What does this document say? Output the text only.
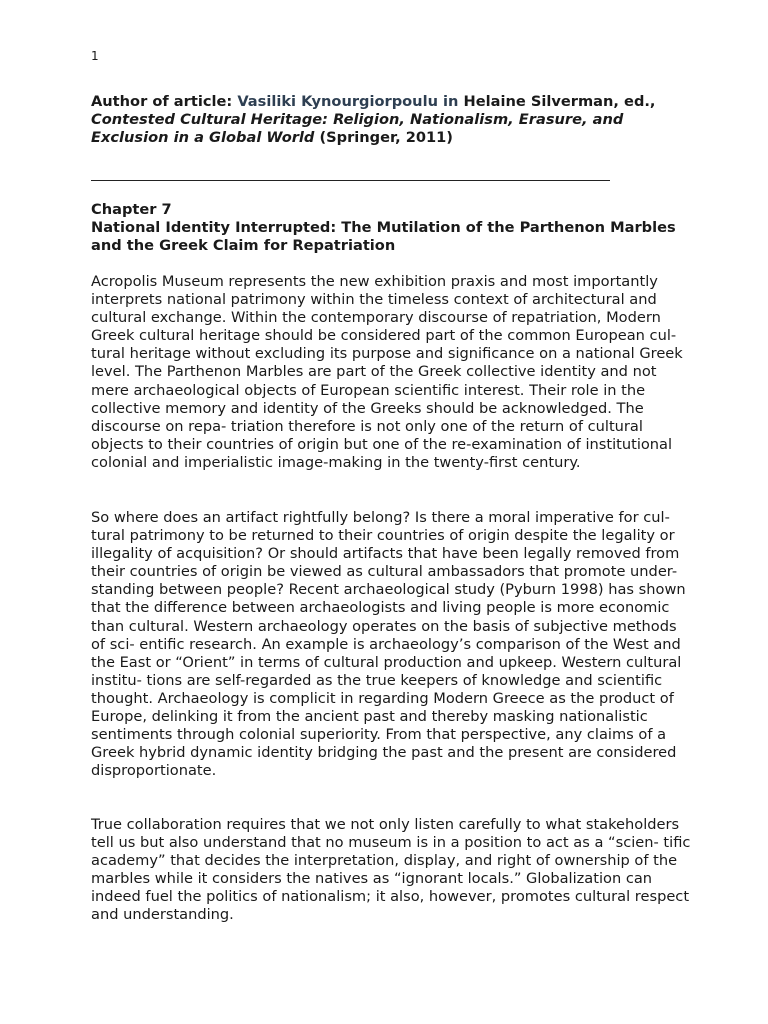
1
Author of article: Vasiliki Kynourgiorpoulu in Helaine Silverman, ed.,
Contested Cultural Heritage: Religion, Nationalism, Erasure, and Exclusion in a Global World (Springer, 2011)
Chapter 7
National Identity Interrupted: The Mutilation of the Parthenon Marbles and the Greek Claim for Repatriation

Acropolis Museum represents the new exhibition praxis and most importantly interprets national patrimony within the timeless context of architectural and cultural exchange. Within the contemporary discourse of repatriation, Modern Greek cultural heritage should be considered part of the common European cul- tural heritage without excluding its purpose and significance on a national Greek level. The Parthenon Marbles are part of the Greek collective identity and not mere archaeological objects of European scientific interest. Their role in the collective memory and identity of the Greeks should be acknowledged. The discourse on repa- triation therefore is not only one of the return of cultural objects to their countries of origin but one of the re-examination of institutional colonial and imperialistic image-making in the twenty-first century.

So where does an artifact rightfully belong? Is there a moral imperative for cul- tural patrimony to be returned to their countries of origin despite the legality or illegality of acquisition? Or should artifacts that have been legally removed from their countries of origin be viewed as cultural ambassadors that promote under- standing between people? Recent archaeological study (Pyburn 1998) has shown that the difference between archaeologists and living people is more economic than cultural. Western archaeology operates on the basis of subjective methods of sci- entific research. An example is archaeology’s comparison of the West and the East or “Orient” in terms of cultural production and upkeep. Western cultural institu- tions are self-regarded as the true keepers of knowledge and scientific thought. Archaeology is complicit in regarding Modern Greece as the product of Europe, delinking it from the ancient past and thereby masking nationalistic sentiments through colonial superiority. From that perspective, any claims of a Greek hybrid dynamic identity bridging the past and the present are considered disproportionate.

True collaboration requires that we not only listen carefully to what stakeholders tell us but also understand that no museum is in a position to act as a “scien- tific academy” that decides the interpretation, display, and right of ownership of the marbles while it considers the natives as “ignorant locals.” Globalization can indeed fuel the politics of nationalism; it also, however, promotes cultural respect and understanding.
